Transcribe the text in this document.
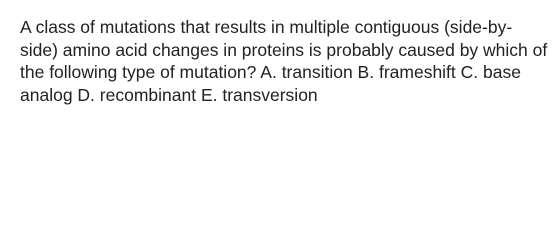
A class of mutations that results in multiple contiguous (side-by-side) amino acid changes in proteins is probably caused by which of the following type of mutation? A. transition B. frameshift C. base analog D. recombinant E. transversion
